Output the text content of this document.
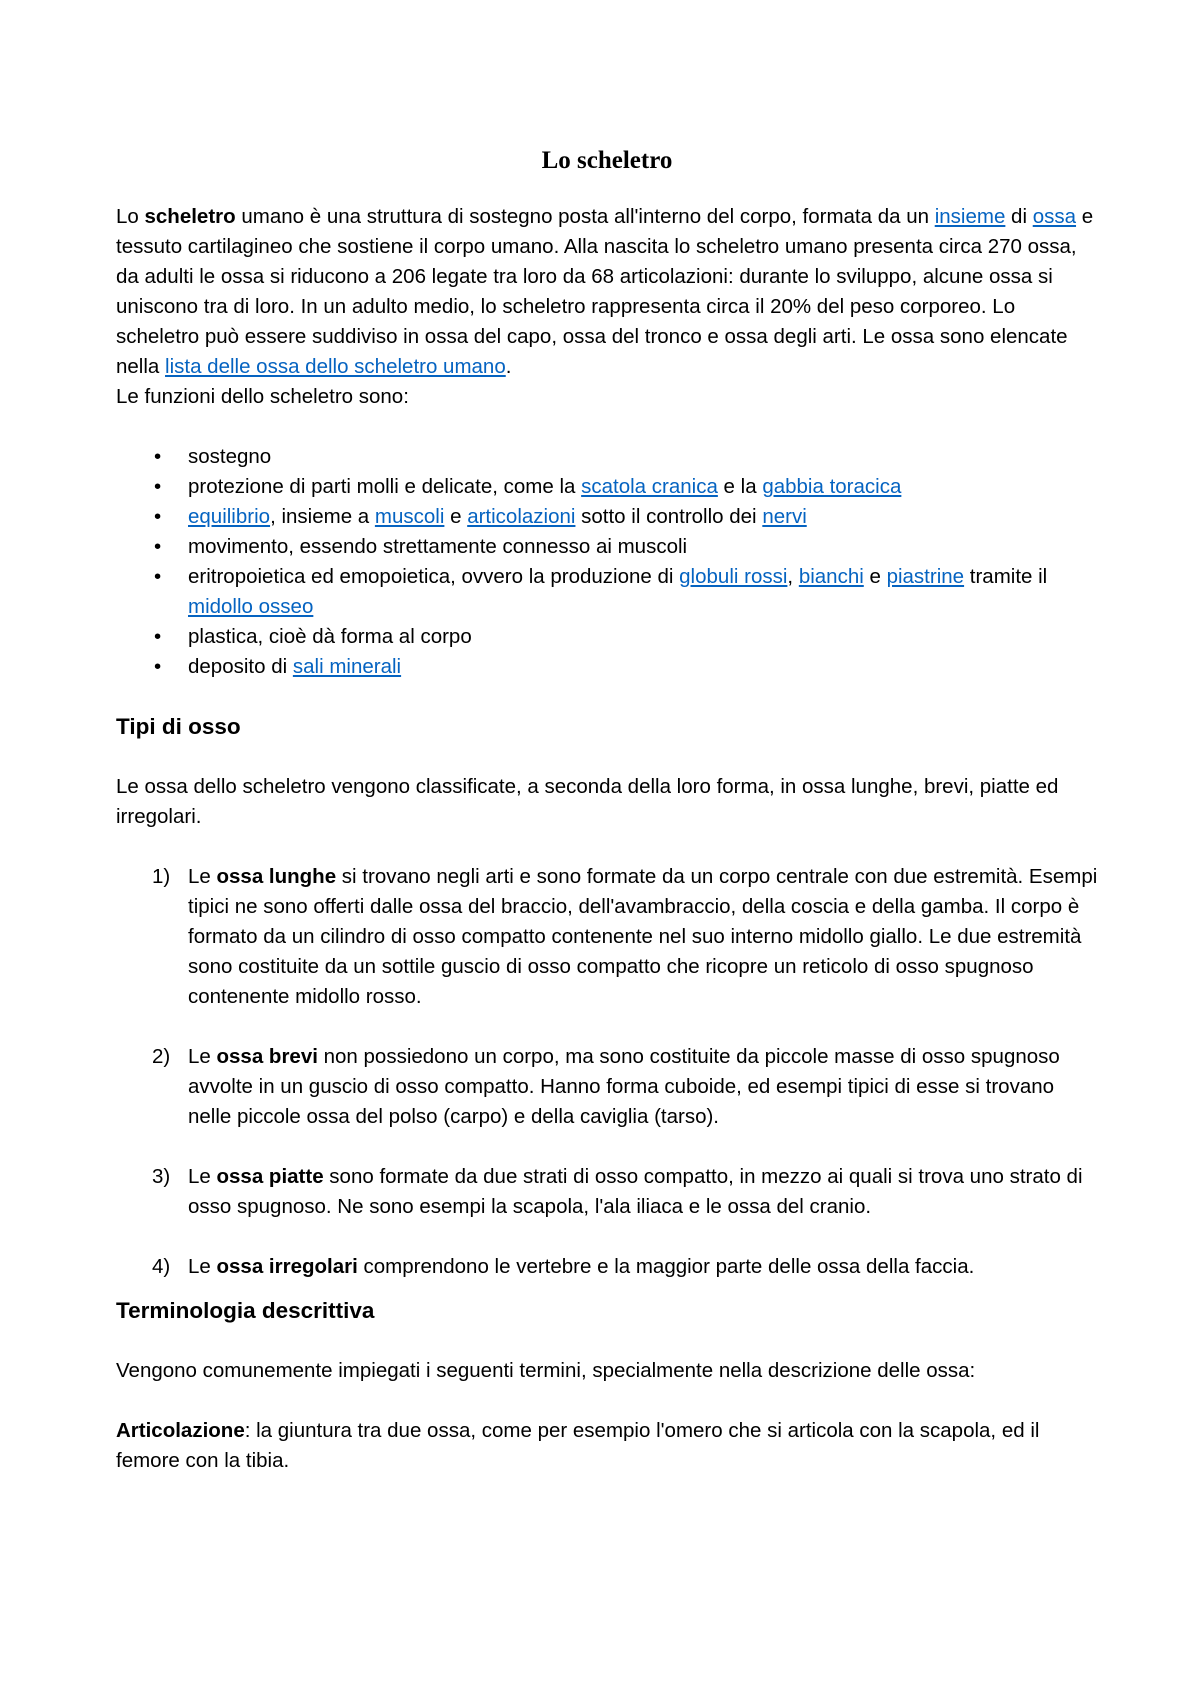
Lo scheletro

Lo scheletro umano è una struttura di sostegno posta all'interno del corpo, formata da un insieme di ossa e tessuto cartilagineo che sostiene il corpo umano. Alla nascita lo scheletro umano presenta circa 270 ossa, da adulti le ossa si riducono a 206 legate tra loro da 68 articolazioni: durante lo sviluppo, alcune ossa si uniscono tra di loro. In un adulto medio, lo scheletro rappresenta circa il 20% del peso corporeo. Lo scheletro può essere suddiviso in ossa del capo, ossa del tronco e ossa degli arti. Le ossa sono elencate nella lista delle ossa dello scheletro umano.

Le funzioni dello scheletro sono:

• sostegno
• protezione di parti molli e delicate, come la scatola cranica e la gabbia toracica
• equilibrio, insieme a muscoli e articolazioni sotto il controllo dei nervi
• movimento, essendo strettamente connesso ai muscoli
• eritropoietica ed emopoietica, ovvero la produzione di globuli rossi, bianchi e piastrine tramite il midollo osseo
• plastica, cioè dà forma al corpo
• deposito di sali minerali
Tipi di osso

Le ossa dello scheletro vengono classificate, a seconda della loro forma, in ossa lunghe, brevi, piatte ed irregolari.

1) Le ossa lunghe si trovano negli arti e sono formate da un corpo centrale con due estremità. Esempi tipici ne sono offerti dalle ossa del braccio, dell'avambraccio, della coscia e della gamba. Il corpo è formato da un cilindro di osso compatto contenente nel suo interno midollo giallo. Le due estremità sono costituite da un sottile guscio di osso compatto che ricopre un reticolo di osso spugnoso contenente midollo rosso.
2) Le ossa brevi non possiedono un corpo, ma sono costituite da piccole masse di osso spugnoso avvolte in un guscio di osso compatto. Hanno forma cuboide, ed esempi tipici di esse si trovano nelle piccole ossa del polso (carpo) e della caviglia (tarso).
3) Le ossa piatte sono formate da due strati di osso compatto, in mezzo ai quali si trova uno strato di osso spugnoso. Ne sono esempi la scapola, l'ala iliaca e le ossa del cranio.
4) Le ossa irregolari comprendono le vertebre e la maggior parte delle ossa della faccia.
Terminologia descrittiva

Vengono comunemente impiegati i seguenti termini, specialmente nella descrizione delle ossa:

Articolazione: la giuntura tra due ossa, come per esempio l'omero che si articola con la scapola, ed il femore con la tibia.
